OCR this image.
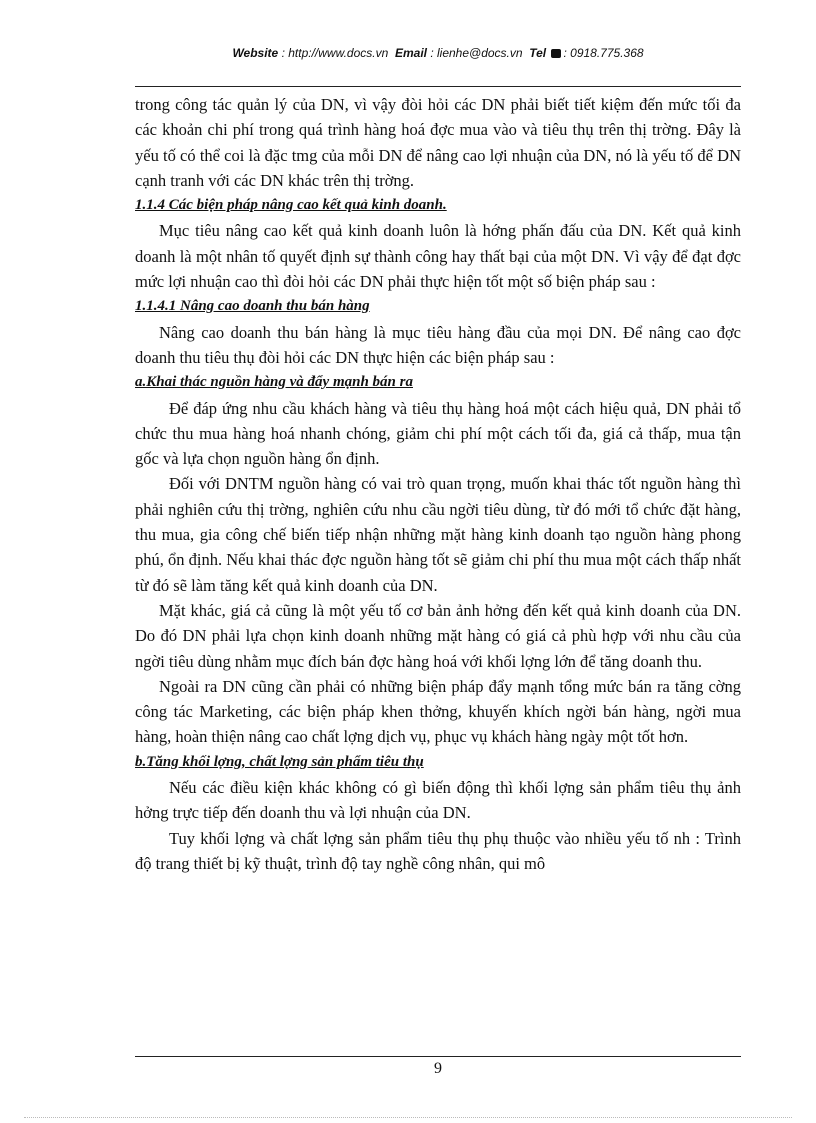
Website : http://www.docs.vn Email : lienhe@docs.vn Tel : 0918.775.368

trong công tác quản lý của DN, vì vậy đòi hỏi các DN phải biết tiết kiệm đến mức tối đa các khoản chi phí trong quá trình hàng hoá đợc mua vào và tiêu thụ trên thị trờng. Đây là yếu tố có thể coi là đặc tmg của mỗi DN để nâng cao lợi nhuận của DN, nó là yếu tố để DN cạnh tranh với các DN khác trên thị trờng.

1.1.4 Các biện pháp nâng cao kết quả kinh doanh.

Mục tiêu nâng cao kết quả kinh doanh luôn là hớng phấn đấu của DN. Kết quả kinh doanh là một nhân tố quyết định sự thành công hay thất bại của một DN. Vì vậy để đạt đợc mức lợi nhuận cao thì đòi hỏi các DN phải thực hiện tốt một số biện pháp sau :

1.1.4.1 Nâng cao doanh thu bán hàng

Nâng cao doanh thu bán hàng là mục tiêu hàng đầu của mọi DN. Để nâng cao đợc doanh thu tiêu thụ đòi hỏi các DN thực hiện các biện pháp sau :

a.Khai thác nguồn hàng và đẩy mạnh bán ra

Để đáp ứng nhu cầu khách hàng và tiêu thụ hàng hoá một cách hiệu quả, DN phải tổ chức thu mua hàng hoá nhanh chóng, giảm chi phí một cách tối đa, giá cả thấp, mua tận gốc và lựa chọn nguồn hàng ổn định.

Đối với DNTM nguồn hàng có vai trò quan trọng, muốn khai thác tốt nguồn hàng thì phải nghiên cứu thị trờng, nghiên cứu nhu cầu ngời tiêu dùng, từ đó mới tổ chức đặt hàng, thu mua, gia công chế biến tiếp nhận những mặt hàng kinh doanh tạo nguồn hàng phong phú, ổn định. Nếu khai thác đợc nguồn hàng tốt sẽ giảm chi phí thu mua một cách thấp nhất từ đó sẽ làm tăng kết quả kinh doanh của DN.

Mặt khác, giá cả cũng là một yếu tố cơ bản ảnh hởng đến kết quả kinh doanh của DN. Do đó DN phải lựa chọn kinh doanh những mặt hàng có giá cả phù hợp với nhu cầu của ngời tiêu dùng nhằm mục đích bán đợc hàng hoá với khối lợng lớn để tăng doanh thu.

Ngoài ra DN cũng cần phải có những biện pháp đẩy mạnh tổng mức bán ra tăng cờng công tác Marketing, các biện pháp khen thởng, khuyến khích ngời bán hàng, ngời mua hàng, hoàn thiện nâng cao chất lợng dịch vụ, phục vụ khách hàng ngày một tốt hơn.

b.Tăng khối lợng, chất lợng sản phẩm tiêu thụ

Nếu các điều kiện khác không có gì biến động thì khối lợng sản phẩm tiêu thụ ảnh hởng trực tiếp đến doanh thu và lợi nhuận của DN.

Tuy khối lợng và chất lợng sản phẩm tiêu thụ phụ thuộc vào nhiều yếu tố nh : Trình độ trang thiết bị kỹ thuật, trình độ tay nghề công nhân, qui mô

9
